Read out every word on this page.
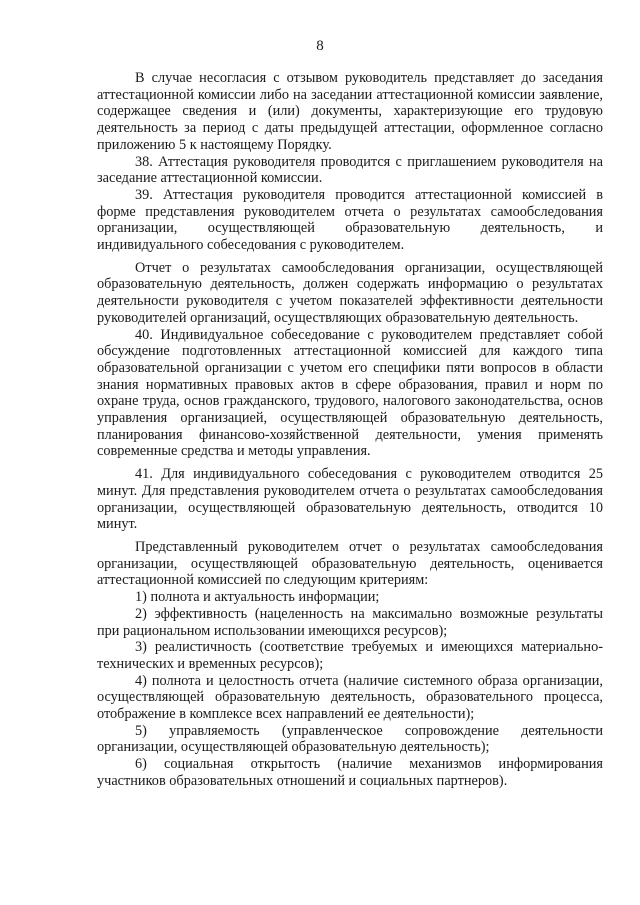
8

В случае несогласия с отзывом руководитель представляет до заседания аттестационной комиссии либо на заседании аттестационной комиссии заявление, содержащее сведения и (или) документы, характеризующие его трудовую деятельность за период с даты предыдущей аттестации, оформленное согласно приложению 5 к настоящему Порядку.

38. Аттестация руководителя проводится с приглашением руководителя на заседание аттестационной комиссии.

39. Аттестация руководителя проводится аттестационной комиссией в форме представления руководителем отчета о результатах самообследования организации, осуществляющей образовательную деятельность, и индивидуального собеседования с руководителем.

Отчет о результатах самообследования организации, осуществляющей образовательную деятельность, должен содержать информацию о результатах деятельности руководителя с учетом показателей эффективности деятельности руководителей организаций, осуществляющих образовательную деятельность.

40. Индивидуальное собеседование с руководителем представляет собой обсуждение подготовленных аттестационной комиссией для каждого типа образовательной организации с учетом его специфики пяти вопросов в области знания нормативных правовых актов в сфере образования, правил и норм по охране труда, основ гражданского, трудового, налогового законодательства, основ управления организацией, осуществляющей образовательную деятельность, планирования финансово-хозяйственной деятельности, умения применять современные средства и методы управления.

41. Для индивидуального собеседования с руководителем отводится 25 минут. Для представления руководителем отчета о результатах самообследования организации, осуществляющей образовательную деятельность, отводится 10 минут.

Представленный руководителем отчет о результатах самообследования организации, осуществляющей образовательную деятельность, оценивается аттестационной комиссией по следующим критериям:

1) полнота и актуальность информации;

2) эффективность (нацеленность на максимально возможные результаты при рациональном использовании имеющихся ресурсов);

3) реалистичность (соответствие требуемых и имеющихся материально-технических и временных ресурсов);

4) полнота и целостность отчета (наличие системного образа организации, осуществляющей образовательную деятельность, образовательного процесса, отображение в комплексе всех направлений ее деятельности);

5) управляемость (управленческое сопровождение деятельности организации, осуществляющей образовательную деятельность);

6) социальная открытость (наличие механизмов информирования участников образовательных отношений и социальных партнеров).
